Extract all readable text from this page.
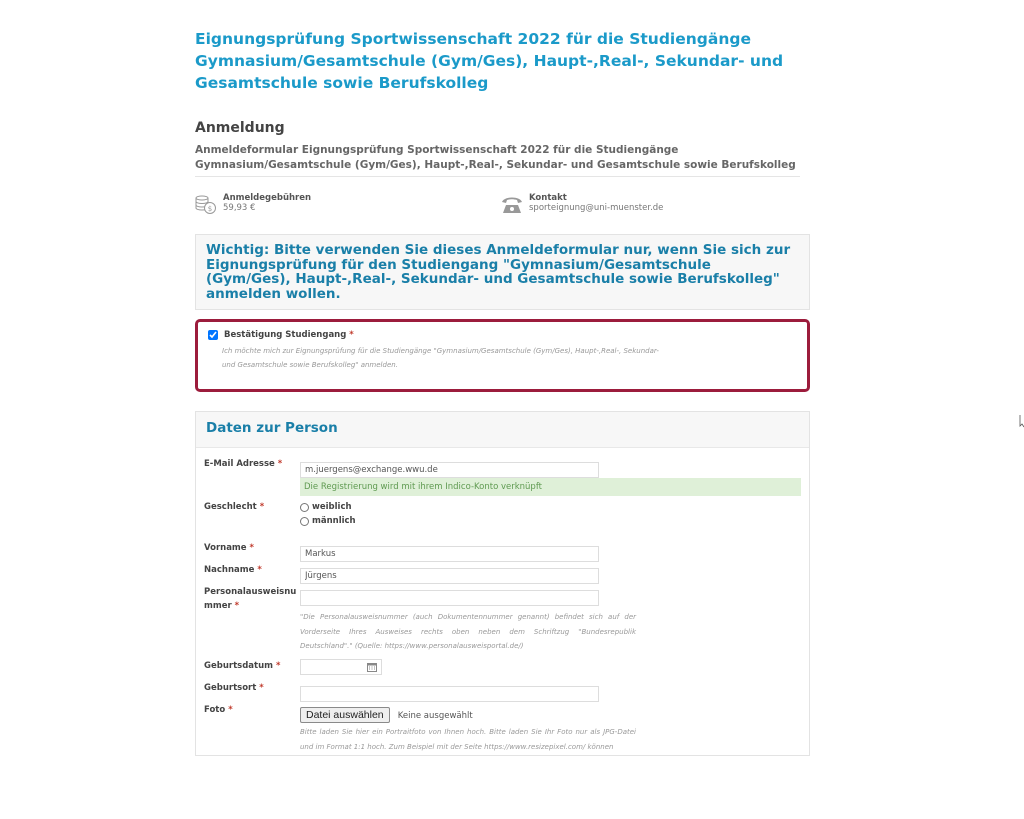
Eignungsprüfung Sportwissenschaft 2022 für die Studiengänge Gymnasium/Gesamtschule (Gym/Ges), Haupt-,Real-, Sekundar- und Gesamtschule sowie Berufskolleg
Anmeldung
Anmeldeformular Eignungsprüfung Sportwissenschaft 2022 für die Studiengänge Gymnasium/Gesamtschule (Gym/Ges), Haupt-,Real-, Sekundar- und Gesamtschule sowie Berufskolleg
$
Anmeldegebühren
59,93 €
Kontakt
sporteignung@uni-muenster.de
Wichtig: Bitte verwenden Sie dieses Anmeldeformular nur, wenn Sie sich zur Eignungsprüfung für den Studiengang "Gymnasium/Gesamtschule (Gym/Ges), Haupt-,Real-, Sekundar- und Gesamtschule sowie Berufskolleg" anmelden wollen.
Bestätigung Studiengang *
Ich möchte mich zur Eignungsprüfung für die Studiengänge "Gymnasium/Gesamtschule (Gym/Ges), Haupt-,Real-, Sekundar- und Gesamtschule sowie Berufskolleg" anmelden.
Daten zur Person
E-Mail Adresse *
m.juergens@exchange.wwu.de
Die Registrierung wird mit ihrem Indico-Konto verknüpft
Geschlecht *	weiblich
männlich
Vorname *
Markus
Nachname *
Jürgens
Personalausweisnummer *
"Die Personalausweisnummer (auch Dokumentennummer genannt) befindet sich auf der Vorderseite Ihres Ausweises rechts oben neben dem Schriftzug "Bundesrepublik Deutschland"." (Quelle: https://www.personalausweisportal.de/)
Geburtsdatum *
Geburtsort *
Foto *	Datei auswählen Keine ausgewählt
Bitte laden Sie hier ein Portraitfoto von Ihnen hoch. Bitte laden Sie Ihr Foto nur als JPG-Datei und im Format 1:1 hoch. Zum Beispiel mit der Seite https://www.resizepixel.com/ können
